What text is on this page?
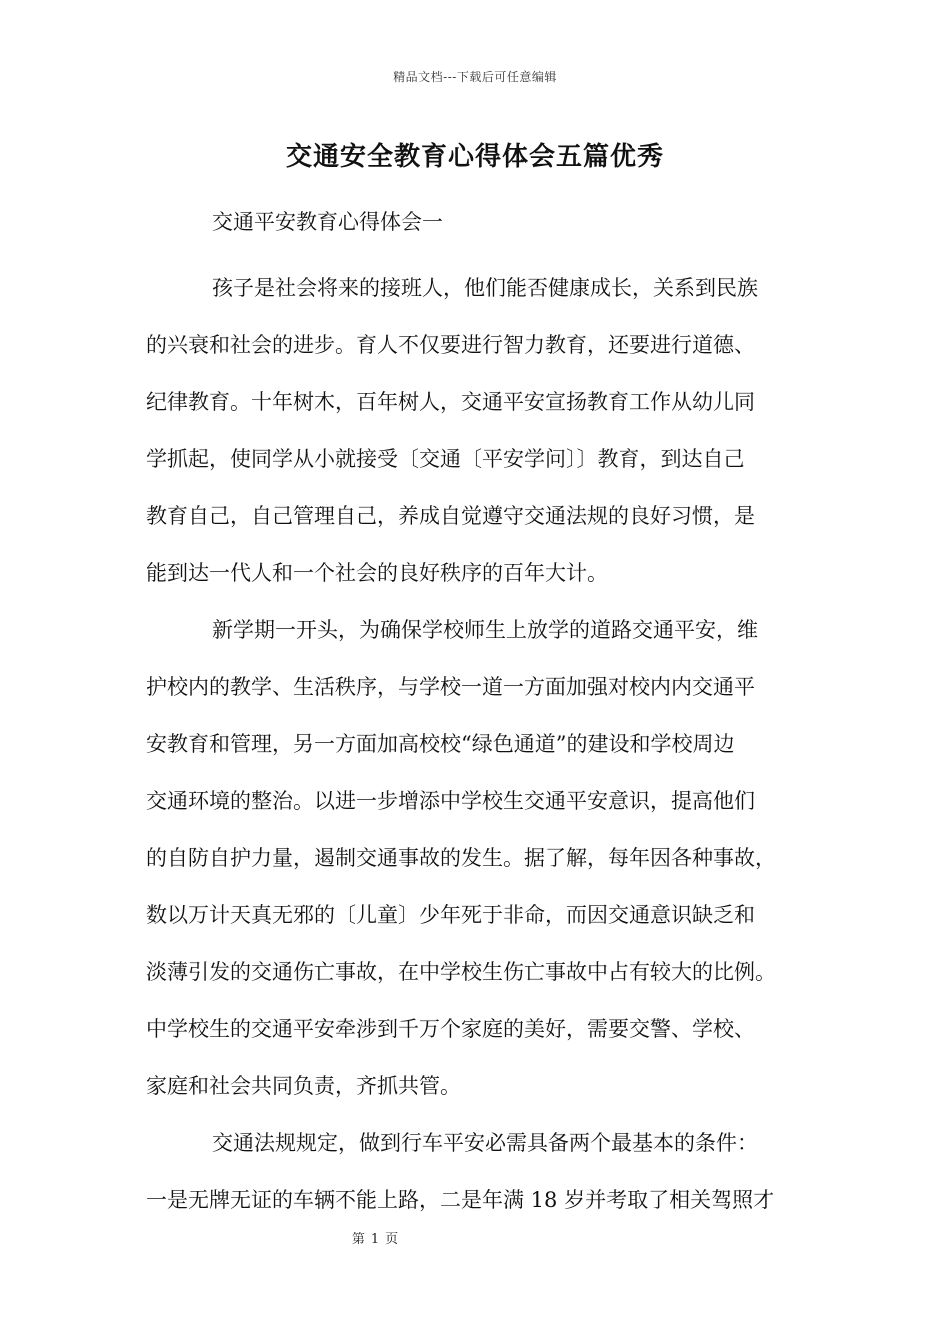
精品文档---下载后可任意编辑
交通安全教育心得体会五篇优秀
交通平安教育心得体会一
孩子是社会将来的接班人，他们能否健康成长，关系到民族
的兴衰和社会的进步。育人不仅要进行智力教育，还要进行道德、
纪律教育。十年树木，百年树人，交通平安宣扬教育工作从幼儿同
学抓起，使同学从小就接受〔交通〔平安学问〕〕教育，到达自己
教育自己，自己管理自己，养成自觉遵守交通法规的良好习惯，是
能到达一代人和一个社会的良好秩序的百年大计。
新学期一开头，为确保学校师生上放学的道路交通平安，维
护校内的教学、生活秩序，与学校一道一方面加强对校内内交通平
安教育和管理，另一方面加高校校“绿色通道”的建设和学校周边
交通环境的整治。以进一步增添中学校生交通平安意识，提高他们
的自防自护力量，遏制交通事故的发生。据了解，每年因各种事故，
数以万计天真无邪的〔儿童〕少年死于非命，而因交通意识缺乏和
淡薄引发的交通伤亡事故，在中学校生伤亡事故中占有较大的比例。
中学校生的交通平安牵涉到千万个家庭的美好，需要交警、学校、
家庭和社会共同负责，齐抓共管。
交通法规规定，做到行车平安必需具备两个最基本的条件：
一是无牌无证的车辆不能上路，二是年满 18 岁并考取了相关驾照才
第 1 页
